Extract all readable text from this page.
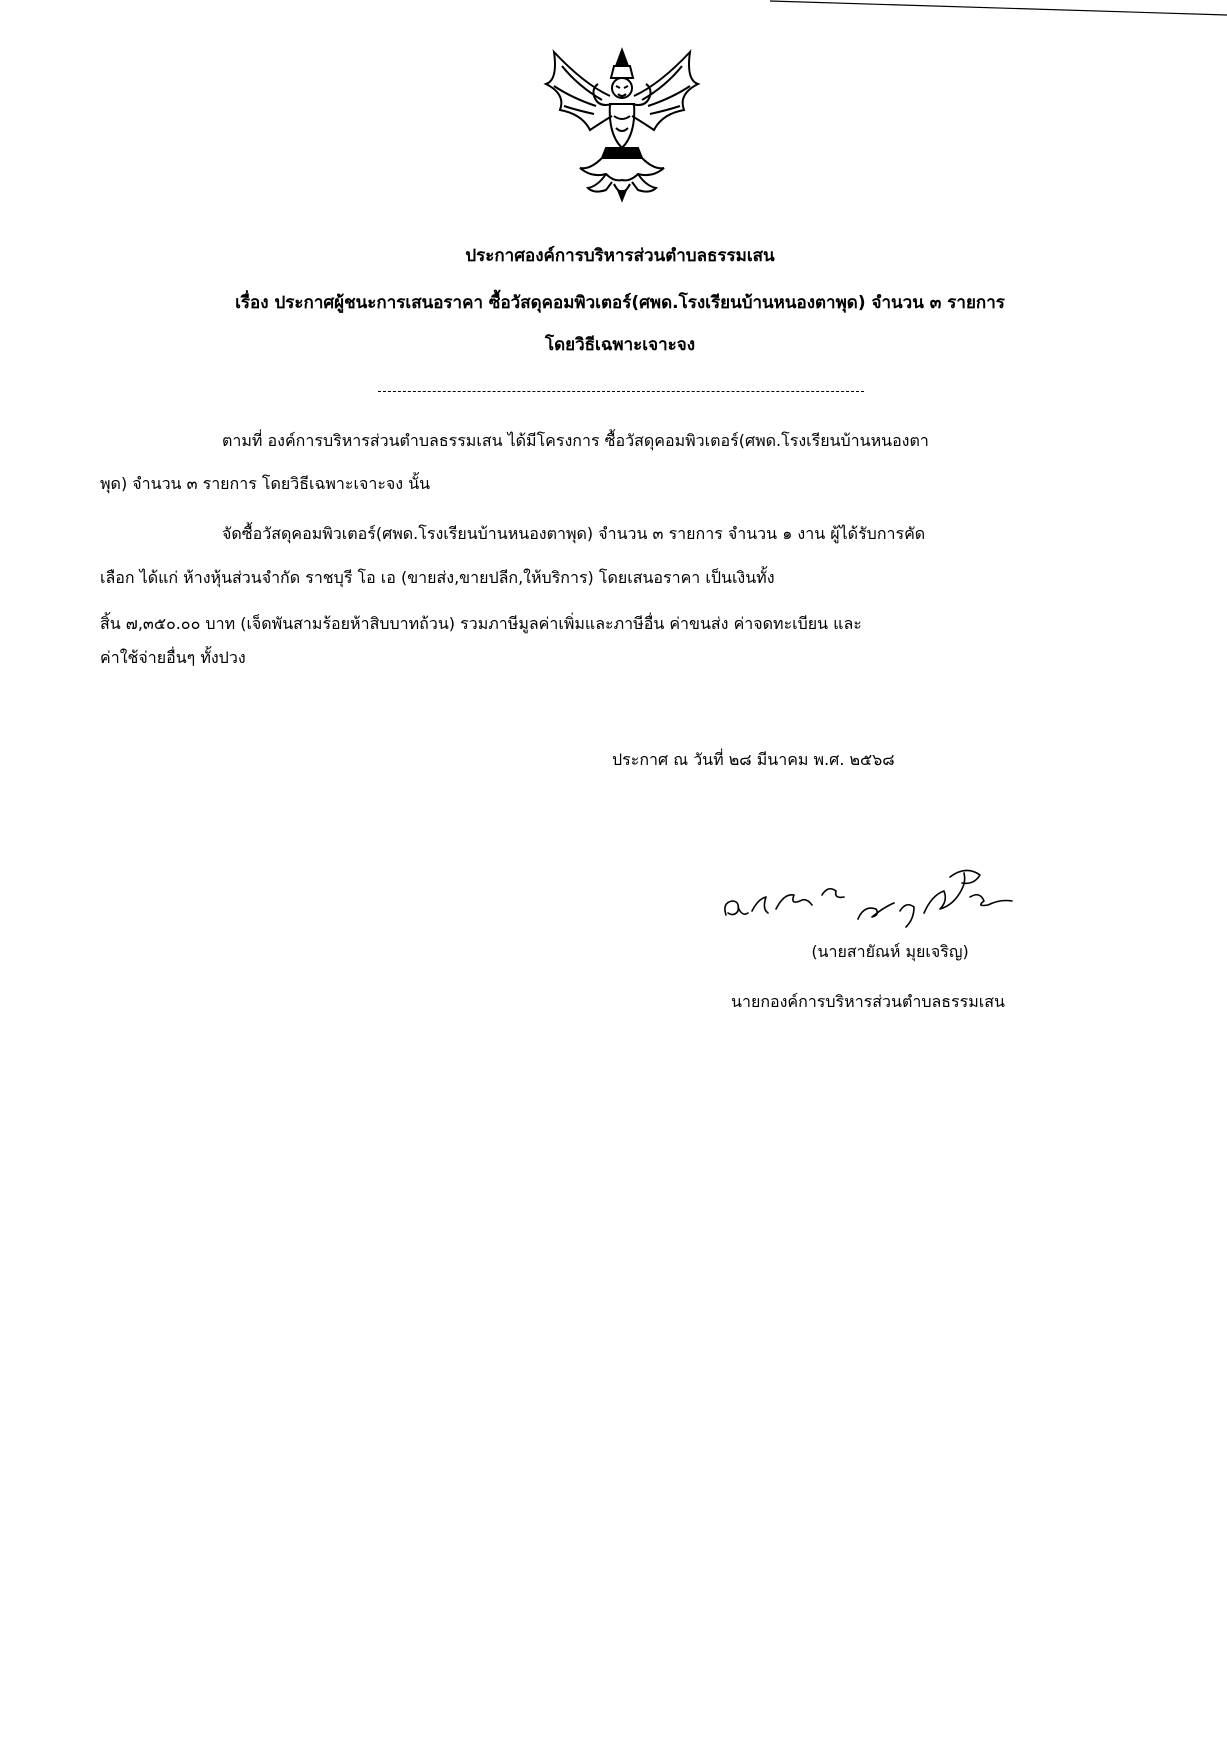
ประกาศองค์การบริหารส่วนตำบลธรรมเสน
เรื่อง ประกาศผู้ชนะการเสนอราคา ซื้อวัสดุคอมพิวเตอร์(ศพด.โรงเรียนบ้านหนองตาพุด) จำนวน ๓ รายการ
โดยวิธีเฉพาะเจาะจง
ตามที่ องค์การบริหารส่วนตำบลธรรมเสน ได้มีโครงการ ซื้อวัสดุคอมพิวเตอร์(ศพด.โรงเรียนบ้านหนองตา
พุด) จำนวน ๓ รายการ โดยวิธีเฉพาะเจาะจง นั้น
จัดซื้อวัสดุคอมพิวเตอร์(ศพด.โรงเรียนบ้านหนองตาพุด) จำนวน ๓ รายการ จำนวน ๑ งาน ผู้ได้รับการคัด
เลือก ได้แก่ ห้างหุ้นส่วนจำกัด ราชบุรี โอ เอ (ขายส่ง,ขายปลีก,ให้บริการ) โดยเสนอราคา เป็นเงินทั้ง
สิ้น ๗,๓๕๐.๐๐ บาท (เจ็ดพันสามร้อยห้าสิบบาทถ้วน) รวมภาษีมูลค่าเพิ่มและภาษีอื่น ค่าขนส่ง ค่าจดทะเบียน และ
ค่าใช้จ่ายอื่นๆ ทั้งปวง
ประกาศ ณ วันที่ ๒๘ มีนาคม พ.ศ. ๒๕๖๘
(นายสายัณห์ มุยเจริญ)
นายกองค์การบริหารส่วนตำบลธรรมเสน
